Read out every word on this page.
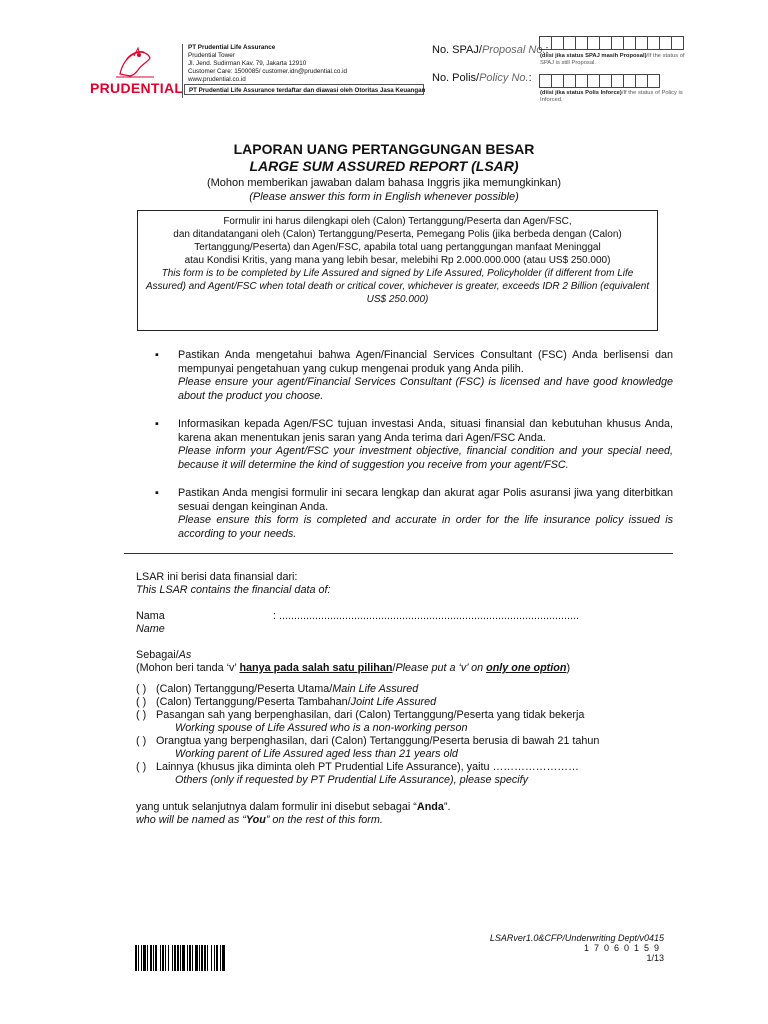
PRUDENTIAL
PT Prudential Life Assurance
Prudential Tower
Jl. Jend. Sudirman Kav. 79, Jakarta 12910
Customer Care: 1500085/ customer.idn@prudential.co.id
www.prudential.co.id
PT Prudential Life Assurance terdaftar dan diawasi oleh Otoritas Jasa Keuangan
No. SPAJ/Proposal No.:
(diisi jika status SPAJ masih Proposal)/If the status of SPAJ is still Proposal.
No. Polis/Policy No.:
(diisi jika status Polis Inforce)/If the status of Policy is Inforced.
LAPORAN UANG PERTANGGUNGAN BESAR
LARGE SUM ASSURED REPORT (LSAR)
(Mohon memberikan jawaban dalam bahasa Inggris jika memungkinkan)
(Please answer this form in English whenever possible)
Formulir ini harus dilengkapi oleh (Calon) Tertanggung/Peserta dan Agen/FSC,
dan ditandatangani oleh (Calon) Tertanggung/Peserta, Pemegang Polis (jika berbeda dengan (Calon)
Tertanggung/Peserta) dan Agen/FSC, apabila total uang pertanggungan manfaat Meninggal
atau Kondisi Kritis, yang mana yang lebih besar, melebihi Rp 2.000.000.000 (atau US$ 250.000)
This form is to be completed by Life Assured and signed by Life Assured, Policyholder (if different from Life
Assured) and Agent/FSC when total death or critical cover, whichever is greater, exceeds IDR 2 Billion (equivalent
US$ 250.000)
▪ Pastikan Anda mengetahui bahwa Agen/Financial Services Consultant (FSC) Anda berlisensi dan mempunyai pengetahuan yang cukup mengenai produk yang Anda pilih.
Please ensure your agent/Financial Services Consultant (FSC) is licensed and have good knowledge about the product you choose.
▪ Informasikan kepada Agen/FSC tujuan investasi Anda, situasi finansial dan kebutuhan khusus Anda, karena akan menentukan jenis saran yang Anda terima dari Agen/FSC Anda.
Please inform your Agent/FSC your investment objective, financial condition and your special need, because it will determine the kind of suggestion you receive from your agent/FSC.
▪ Pastikan Anda mengisi formulir ini secara lengkap dan akurat agar Polis asuransi jiwa yang diterbitkan sesuai dengan keinginan Anda.
Please ensure this form is completed and accurate in order for the life insurance policy issued is according to your needs.
LSAR ini berisi data finansial dari:
This LSAR contains the financial data of:
Nama	: ....................................................................................................
Name
Sebagai/As
(Mohon beri tanda ‘v’ hanya pada salah satu pilihan/Please put a ‘v’ on only one option)
( ) (Calon) Tertanggung/Peserta Utama/Main Life Assured
( ) (Calon) Tertanggung/Peserta Tambahan/Joint Life Assured
( ) Pasangan sah yang berpenghasilan, dari (Calon) Tertanggung/Peserta yang tidak bekerja
Working spouse of Life Assured who is a non-working person
( ) Orangtua yang berpenghasilan, dari (Calon) Tertanggung/Peserta berusia di bawah 21 tahun
Working parent of Life Assured aged less than 21 years old
( ) Lainnya (khusus jika diminta oleh PT Prudential Life Assurance), yaitu ……………………
Others (only if requested by PT Prudential Life Assurance), please specify
yang untuk selanjutnya dalam formulir ini disebut sebagai “Anda”.
who will be named as “You” on the rest of this form.
LSARver1.0&CFP/Underwriting Dept/v0415
17060159
1/13
